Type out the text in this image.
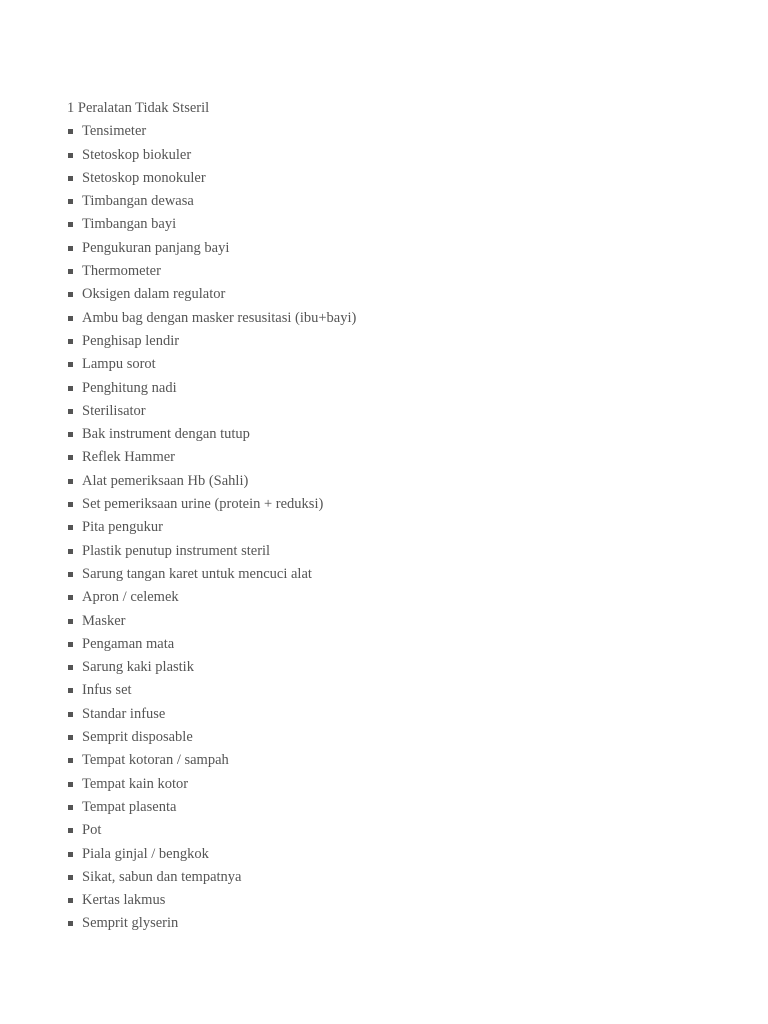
1 Peralatan Tidak Stseril
Tensimeter
Stetoskop biokuler
Stetoskop monokuler
Timbangan dewasa
Timbangan bayi
Pengukuran panjang bayi
Thermometer
Oksigen dalam regulator
Ambu bag dengan masker resusitasi (ibu+bayi)
Penghisap lendir
Lampu sorot
Penghitung nadi
Sterilisator
Bak instrument dengan tutup
Reflek Hammer
Alat pemeriksaan Hb (Sahli)
Set pemeriksaan urine (protein + reduksi)
Pita pengukur
Plastik penutup instrument steril
Sarung tangan karet untuk mencuci alat
Apron / celemek
Masker
Pengaman mata
Sarung kaki plastik
Infus set
Standar infuse
Semprit disposable
Tempat kotoran / sampah
Tempat kain kotor
Tempat plasenta
Pot
Piala ginjal / bengkok
Sikat, sabun dan tempatnya
Kertas lakmus
Semprit glyserin
